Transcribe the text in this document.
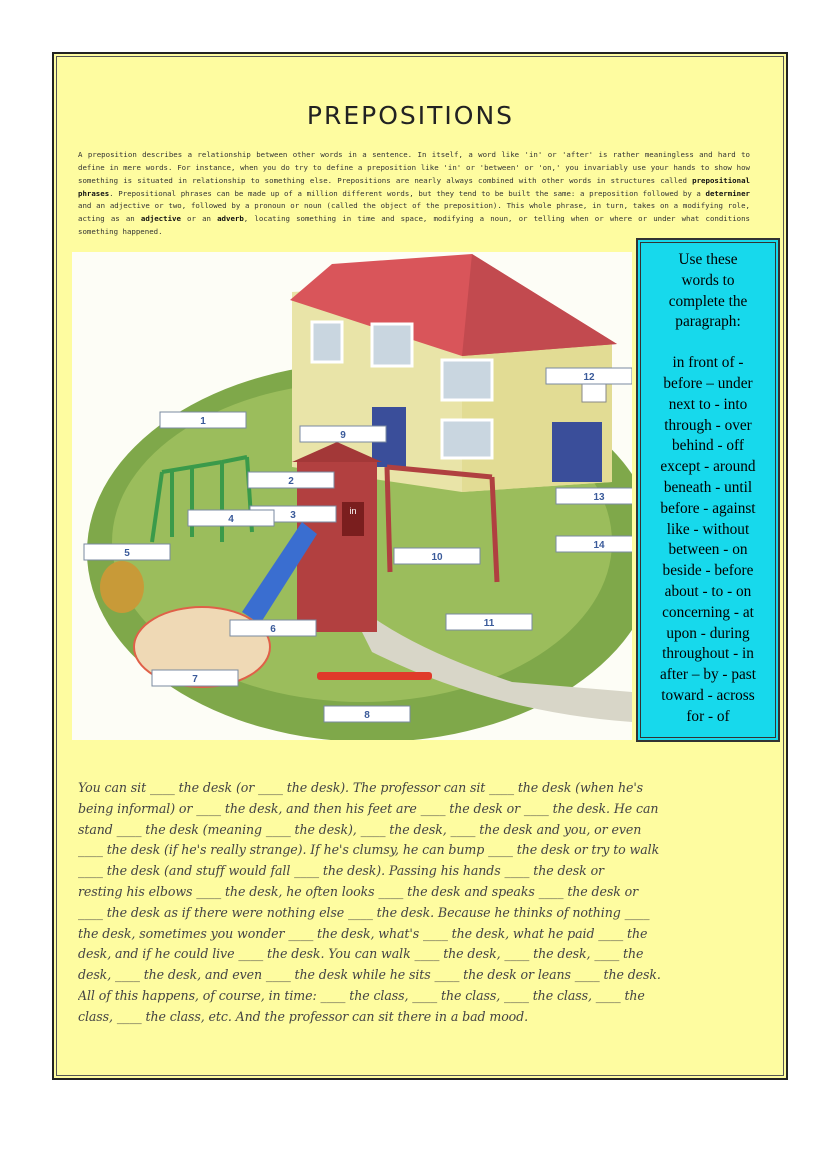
PREPOSITIONS

A preposition describes a relationship between other words in a sentence. In itself, a word like 'in' or 'after' is rather meaningless and hard to define in mere words. For instance, when you do try to define a preposition like 'in' or 'between' or 'on,' you invariably use your hands to show how something is situated in relationship to something else. Prepositions are nearly always combined with other words in structures called prepositional phrases. Prepositional phrases can be made up of a million different words, but they tend to be built the same: a preposition followed by a determiner and an adjective or two, followed by a pronoun or noun (called the object of the preposition). This whole phrase, in turn, takes on a modifying role, acting as an adjective or an adverb, locating something in time and space, modifying a noun, or telling when or where or under what conditions something happened.

in
1
2
3
4
5
6
7
8
9
10
11
12
13
14
Use these
words to
complete the
paragraph:
in front of -
before – under
next to - into
through - over
behind - off
except - around
beneath - until
before - against
like - without
between - on
beside - before
about - to - on
concerning - at
upon - during
throughout - in
after – by - past
toward - across
for - of
You can sit ____ the desk (or ____ the desk). The professor can sit ____ the desk (when he's
being informal) or ____ the desk, and then his feet are ____ the desk or ____ the desk. He can
stand ____ the desk (meaning ____ the desk), ____ the desk, ____ the desk and you, or even
____ the desk (if he's really strange). If he's clumsy, he can bump ____ the desk or try to walk
____ the desk (and stuff would fall ____ the desk). Passing his hands ____ the desk or
resting his elbows ____ the desk, he often looks ____ the desk and speaks ____ the desk or
____ the desk as if there were nothing else ____ the desk. Because he thinks of nothing ____
the desk, sometimes you wonder ____ the desk, what's ____ the desk, what he paid ____ the
desk, and if he could live ____ the desk. You can walk ____ the desk, ____ the desk, ____ the
desk, ____ the desk, and even ____ the desk while he sits ____ the desk or leans ____ the desk.
All of this happens, of course, in time: ____ the class, ____ the class, ____ the class, ____ the
class, ____ the class, etc. And the professor can sit there in a bad mood.
